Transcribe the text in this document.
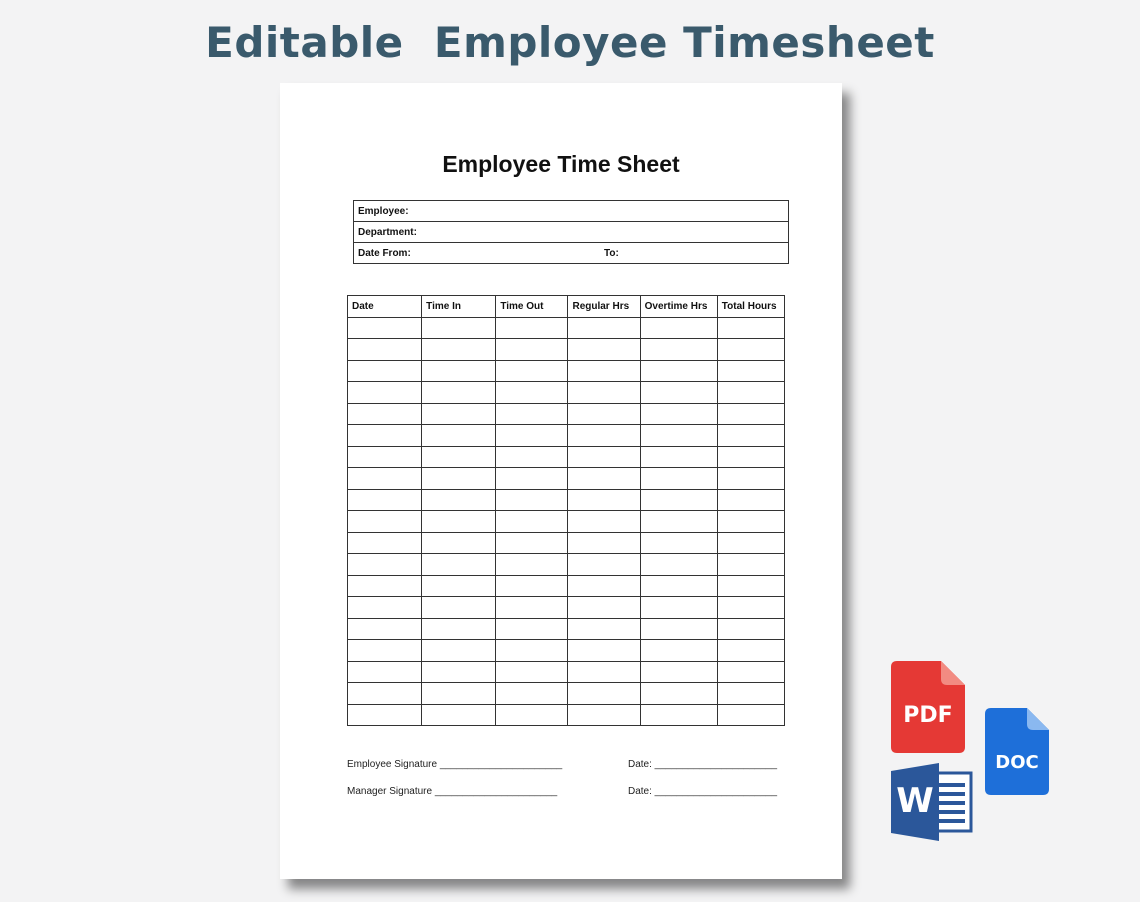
Editable  Employee Timesheet
Employee Time Sheet
Employee:
Department:
Date From:	To:
Date	Time In	Time Out	Regular Hrs	Overtime Hrs	Total Hours

Employee Signature ______________________	Date: ______________________
Manager Signature ______________________	Date: ______________________
PDF
DOC
W
